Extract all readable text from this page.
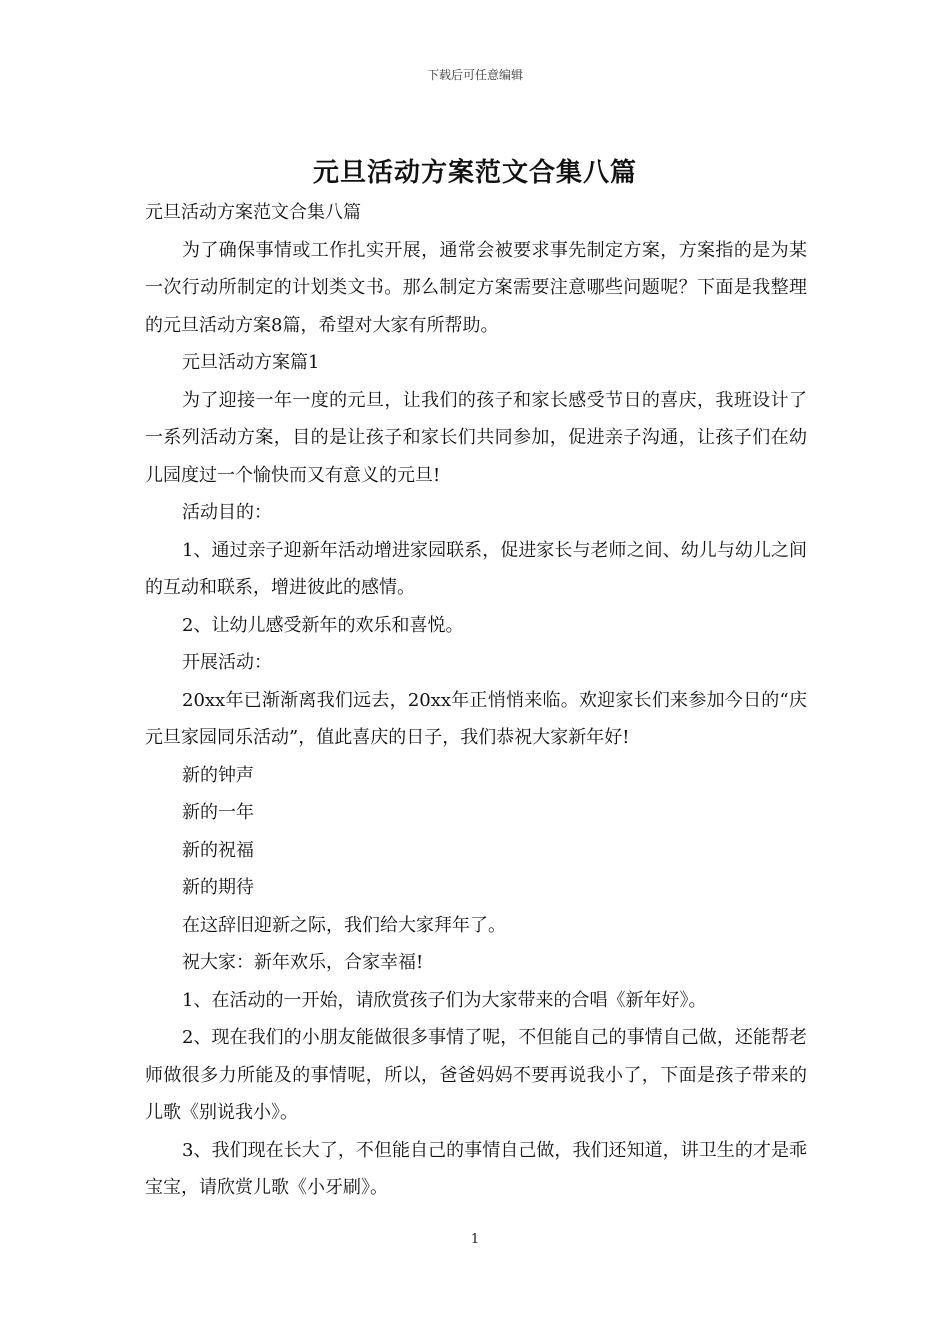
下载后可任意编辑
元旦活动方案范文合集八篇

元旦活动方案范文合集八篇

为了确保事情或工作扎实开展，通常会被要求事先制定方案，方案指的是为某一次行动所制定的计划类文书。那么制定方案需要注意哪些问题呢？下面是我整理的元旦活动方案8篇，希望对大家有所帮助。

元旦活动方案篇1

为了迎接一年一度的元旦，让我们的孩子和家长感受节日的喜庆，我班设计了一系列活动方案，目的是让孩子和家长们共同参加，促进亲子沟通，让孩子们在幼儿园度过一个愉快而又有意义的元旦!

活动目的：

1、通过亲子迎新年活动增进家园联系，促进家长与老师之间、幼儿与幼儿之间的互动和联系，增进彼此的感情。

2、让幼儿感受新年的欢乐和喜悦。

开展活动：

20xx年已渐渐离我们远去，20xx年正悄悄来临。欢迎家长们来参加今日的“庆元旦家园同乐活动”，值此喜庆的日子，我们恭祝大家新年好!

新的钟声

新的一年

新的祝福

新的期待

在这辞旧迎新之际，我们给大家拜年了。

祝大家：新年欢乐，合家幸福!

1、在活动的一开始，请欣赏孩子们为大家带来的合唱《新年好》。

2、现在我们的小朋友能做很多事情了呢，不但能自己的事情自己做，还能帮老师做很多力所能及的事情呢，所以，爸爸妈妈不要再说我小了，下面是孩子带来的儿歌《别说我小》。

3、我们现在长大了，不但能自己的事情自己做，我们还知道，讲卫生的才是乖宝宝，请欣赏儿歌《小牙刷》。

1
